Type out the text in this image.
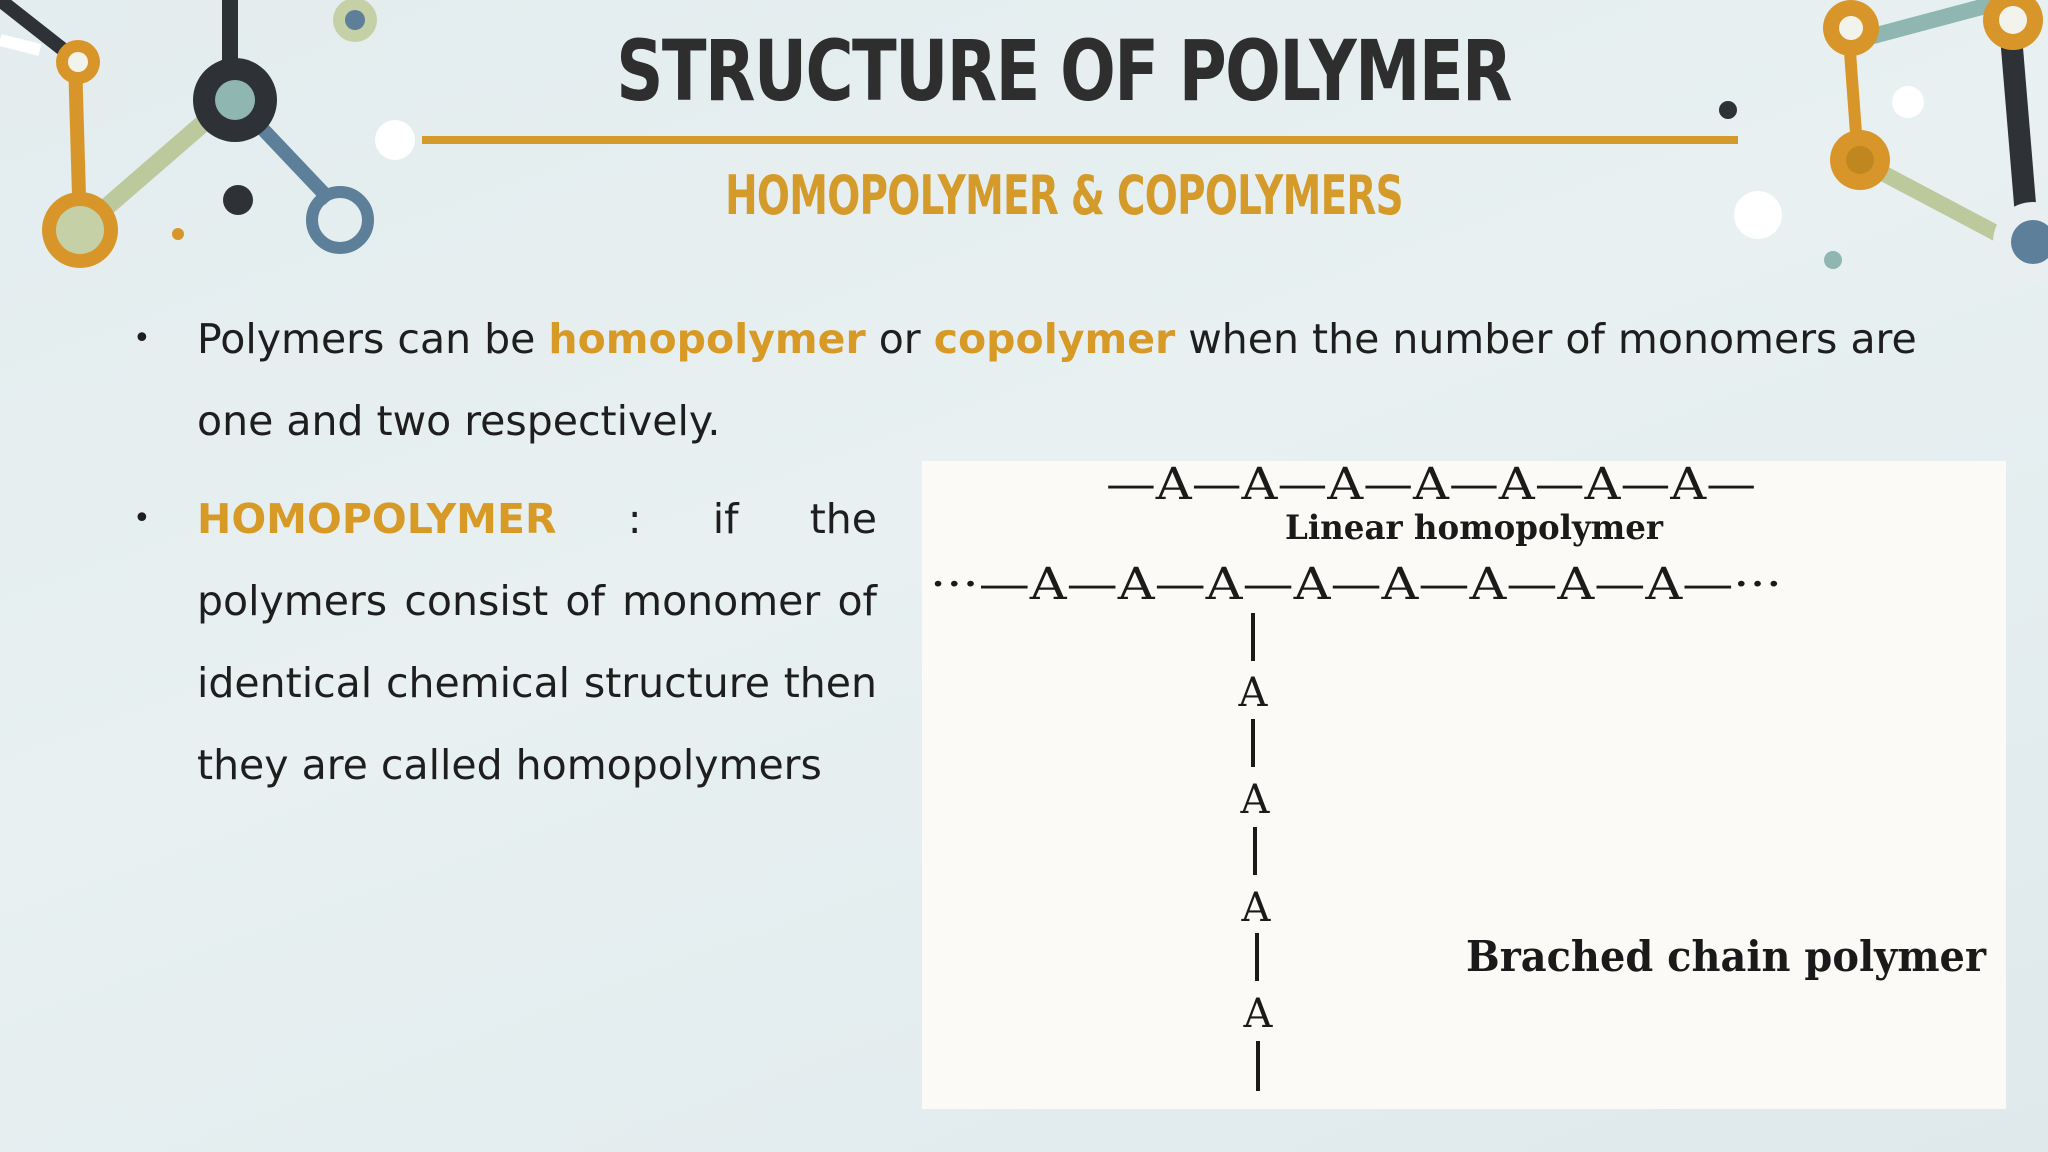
STRUCTURE OF POLYMER
HOMOPOLYMER & COPOLYMERS
• Polymers can be homopolymer or copolymer when the number of monomers are one and two respectively.
• HOMOPOLYMER : if the polymers consist of monomer of identical chemical structure then they are called homopolymers
—A—A—A—A—A—A—A—
Linear homopolymer
···—A—A—A—A—A—A—A—A—···
A
A
A
A
Brached chain polymer
